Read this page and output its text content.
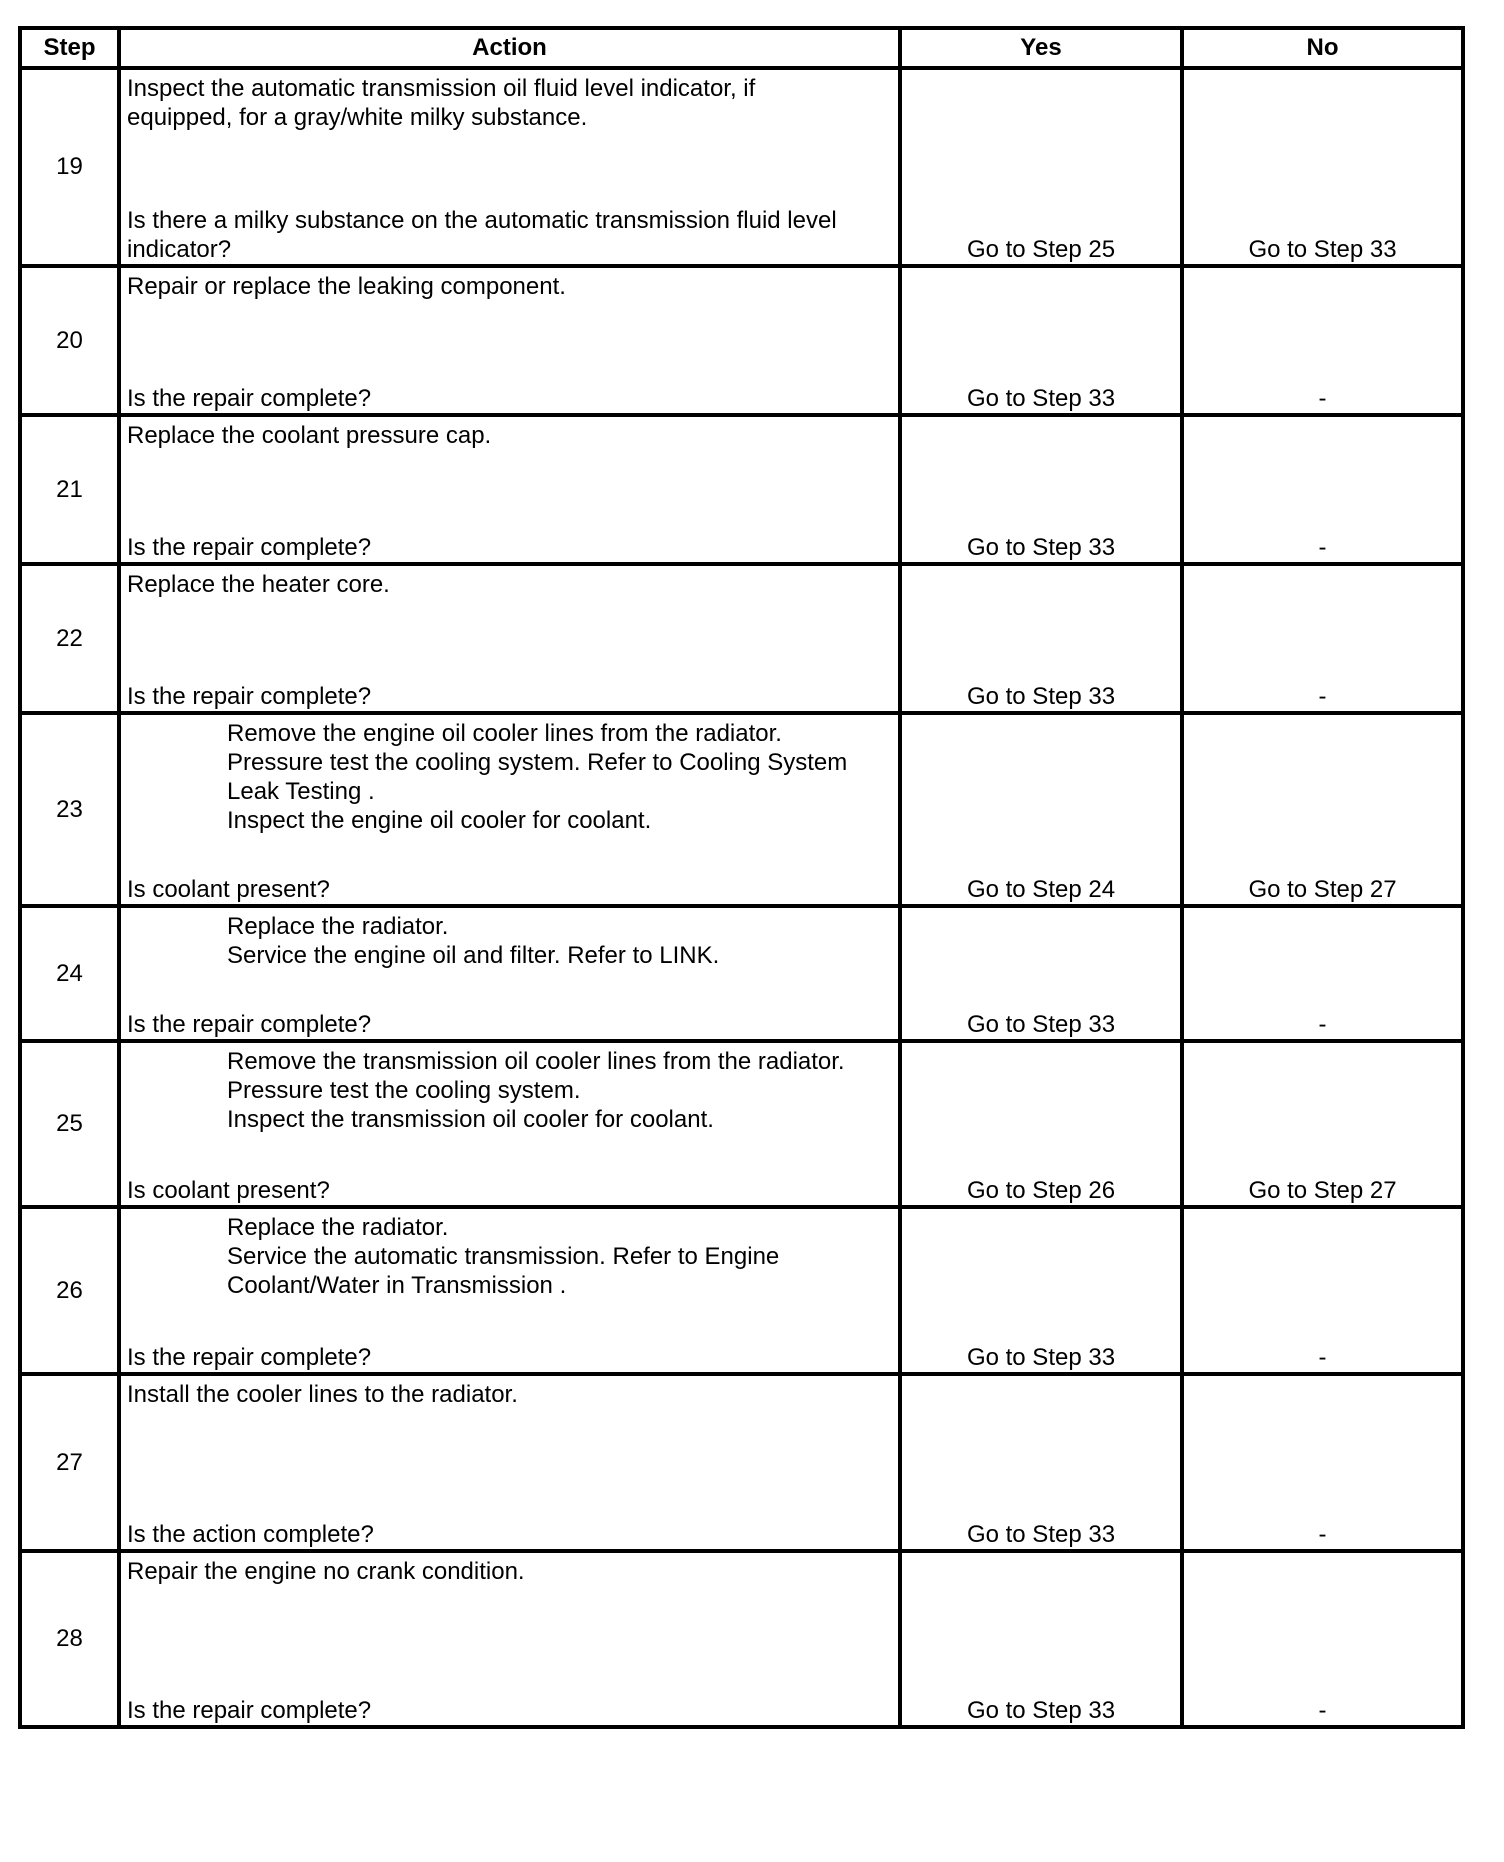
Step	Action	Yes	No
19	Inspect the automatic transmission oil fluid level indicator, if
equipped, for a gray/white milky substance.
Is there a milky substance on the automatic transmission fluid level indicator?	Go to Step 25	Go to Step 33

20	Repair or replace the leaking component.
Is the repair complete?	Go to Step 33	-

21	Replace the coolant pressure cap.
Is the repair complete?	Go to Step 33	-

22	Replace the heater core.
Is the repair complete?	Go to Step 33	-

23	Remove the engine oil cooler lines from the radiator.
Pressure test the cooling system. Refer to Cooling System
Leak Testing .
Inspect the engine oil cooler for coolant.
Is coolant present?	Go to Step 24	Go to Step 27

24	Replace the radiator.
Service the engine oil and filter. Refer to LINK.
Is the repair complete?	Go to Step 33	-

25	Remove the transmission oil cooler lines from the radiator.
Pressure test the cooling system.
Inspect the transmission oil cooler for coolant.
Is coolant present?	Go to Step 26	Go to Step 27

26	Replace the radiator.
Service the automatic transmission. Refer to Engine
Coolant/Water in Transmission .
Is the repair complete?	Go to Step 33	-

27	Install the cooler lines to the radiator.
Is the action complete?	Go to Step 33	-

28	Repair the engine no crank condition.
Is the repair complete?	Go to Step 33	-
